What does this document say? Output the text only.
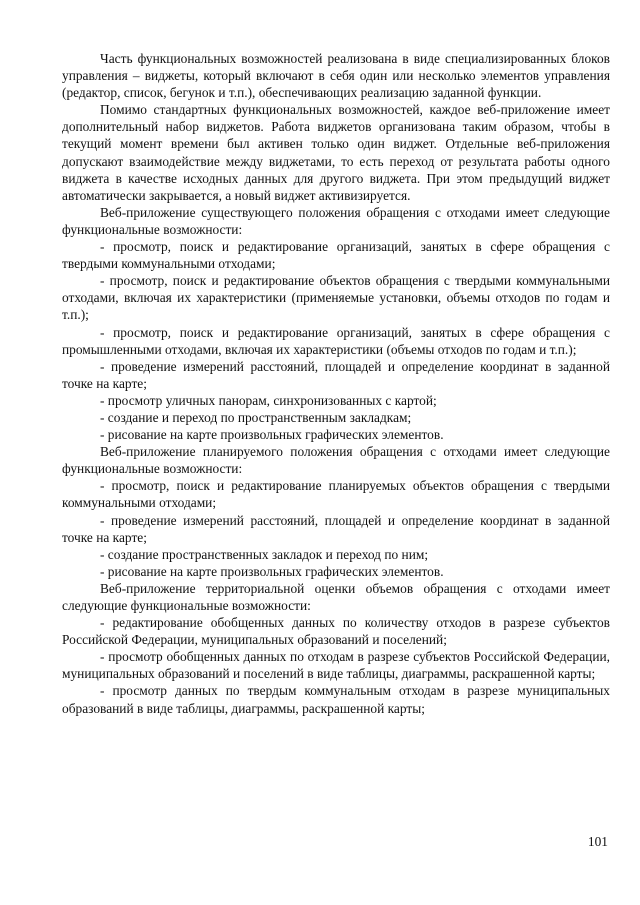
Часть функциональных возможностей реализована в виде специализированных блоков управления – виджеты, который включают в себя один или несколько элементов управления (редактор, список, бегунок и т.п.), обеспечивающих реализацию заданной функции.

Помимо стандартных функциональных возможностей, каждое веб-приложение имеет дополнительный набор виджетов. Работа виджетов организована таким образом, чтобы в текущий момент времени был активен только один виджет. Отдельные веб-приложения допускают взаимодействие между виджетами, то есть переход от результата работы одного виджета в качестве исходных данных для другого виджета. При этом предыдущий виджет автоматически закрывается, а новый виджет активизируется.

Веб-приложение существующего положения обращения с отходами имеет следующие функциональные возможности:

- просмотр, поиск и редактирование организаций, занятых в сфере обращения с твердыми коммунальными отходами;

- просмотр, поиск и редактирование объектов обращения с твердыми коммунальными отходами, включая их характеристики (применяемые установки, объемы отходов по годам и т.п.);

- просмотр, поиск и редактирование организаций, занятых в сфере обращения с промышленными отходами, включая их характеристики (объемы отходов по годам и т.п.);

- проведение измерений расстояний, площадей и определение координат в заданной точке на карте;

- просмотр уличных панорам, синхронизованных с картой;

- создание и переход по пространственным закладкам;

- рисование на карте произвольных графических элементов.

Веб-приложение планируемого положения обращения с отходами имеет следующие функциональные возможности:

- просмотр, поиск и редактирование планируемых объектов обращения с твердыми коммунальными отходами;

- проведение измерений расстояний, площадей и определение координат в заданной точке на карте;

- создание пространственных закладок и переход по ним;

- рисование на карте произвольных графических элементов.

Веб-приложение территориальной оценки объемов обращения с отходами имеет следующие функциональные возможности:

- редактирование обобщенных данных по количеству отходов в разрезе субъектов Российской Федерации, муниципальных образований и поселений;

- просмотр обобщенных данных по отходам в разрезе субъектов Российской Федерации, муниципальных образований и поселений в виде таблицы, диаграммы, раскрашенной карты;

- просмотр данных по твердым коммунальным отходам в разрезе муниципальных образований в виде таблицы, диаграммы, раскрашенной карты;

101
